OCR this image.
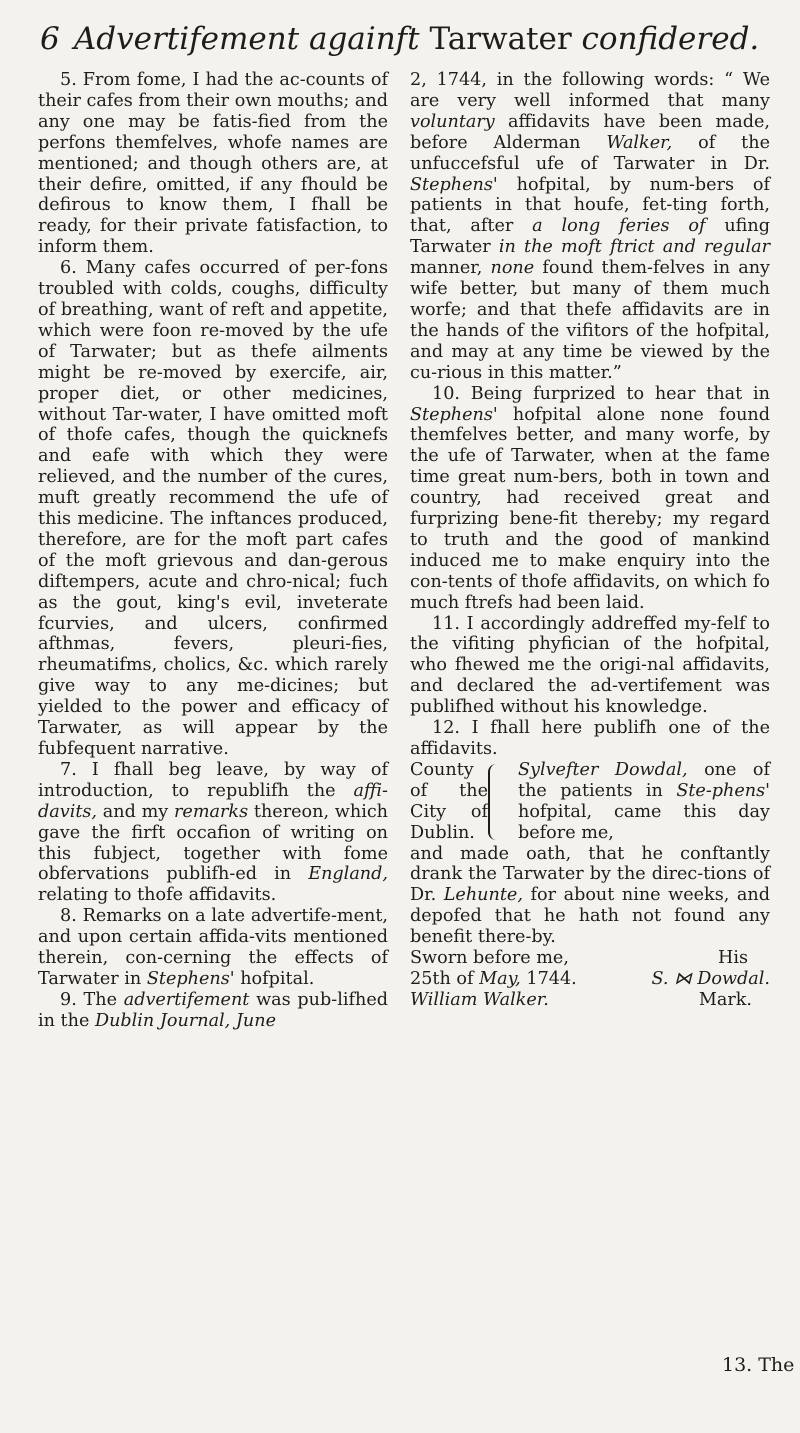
6 Advertifement againft Tarwater confidered.

5. From fome, I had the ac-counts of their cafes from their own mouths; and any one may be fatis-fied from the perfons themfelves, whofe names are mentioned; and though others are, at their defire, omitted, if any fhould be defirous to know them, I fhall be ready, for their private fatisfaction, to inform them.

6. Many cafes occurred of per-fons troubled with colds, coughs, difficulty of breathing, want of reft and appetite, which were foon re-moved by the ufe of Tarwater; but as thefe ailments might be re-moved by exercife, air, proper diet, or other medicines, without Tar-water, I have omitted moft of thofe cafes, though the quicknefs and eafe with which they were relieved, and the number of the cures, muft greatly recommend the ufe of this medicine. The inftances produced, therefore, are for the moft part cafes of the moft grievous and dan-gerous diftempers, acute and chro-nical; fuch as the gout, king's evil, inveterate fcurvies, and ulcers, confirmed afthmas, fevers, pleuri-fies, rheumatifms, cholics, &c. which rarely give way to any me-dicines; but yielded to the power and efficacy of Tarwater, as will appear by the fubfequent narrative.

7. I fhall beg leave, by way of introduction, to republifh the affi-davits, and my remarks thereon, which gave the firft occafion of writing on this fubject, together with fome obfervations publifh-ed in England, relating to thofe affidavits.

8. Remarks on a late advertife-ment, and upon certain affida-vits mentioned therein, con-cerning the effects of Tarwater in Stephens' hofpital.

9. The advertifement was pub-lifhed in the Dublin Journal, June

2, 1744, in the following words: “ We are very well informed that many voluntary affidavits have been made, before Alderman Walker, of the unfuccefsful ufe of Tarwater in Dr. Stephens' hofpital, by num-bers of patients in that houfe, fet-ting forth, that, after a long feries of ufing Tarwater in the moft ftrict and regular manner, none found them-felves in any wife better, but many of them much worfe; and that thefe affidavits are in the hands of the vifitors of the hofpital, and may at any time be viewed by the cu-rious in this matter.”

10. Being furprized to hear that in Stephens' hofpital alone none found themfelves better, and many worfe, by the ufe of Tarwater, when at the fame time great num-bers, both in town and country, had received great and furprizing bene-fit thereby; my regard to truth and the good of mankind induced me to make enquiry into the con-tents of thofe affidavits, on which fo much ftrefs had been laid.

11. I accordingly addreffed my-felf to the vifiting phyfician of the hofpital, who fhewed me the origi-nal affidavits, and declared the ad-vertifement was publifhed without his knowledge.

12. I fhall here publifh one of the affidavits.

County of the City of Dublin.
Sylvefter Dowdal, one of the patients in Ste-phens' hofpital, came this day before me,

and made oath, that he conftantly drank the Tarwater by the direc-tions of Dr. Lehunte, for about nine weeks, and depofed that he hath not found any benefit there-by.

Sworn before me,	His
25th of May, 1744.	S. ⋈ Dowdal.
William Walker.	Mark.
13. The
